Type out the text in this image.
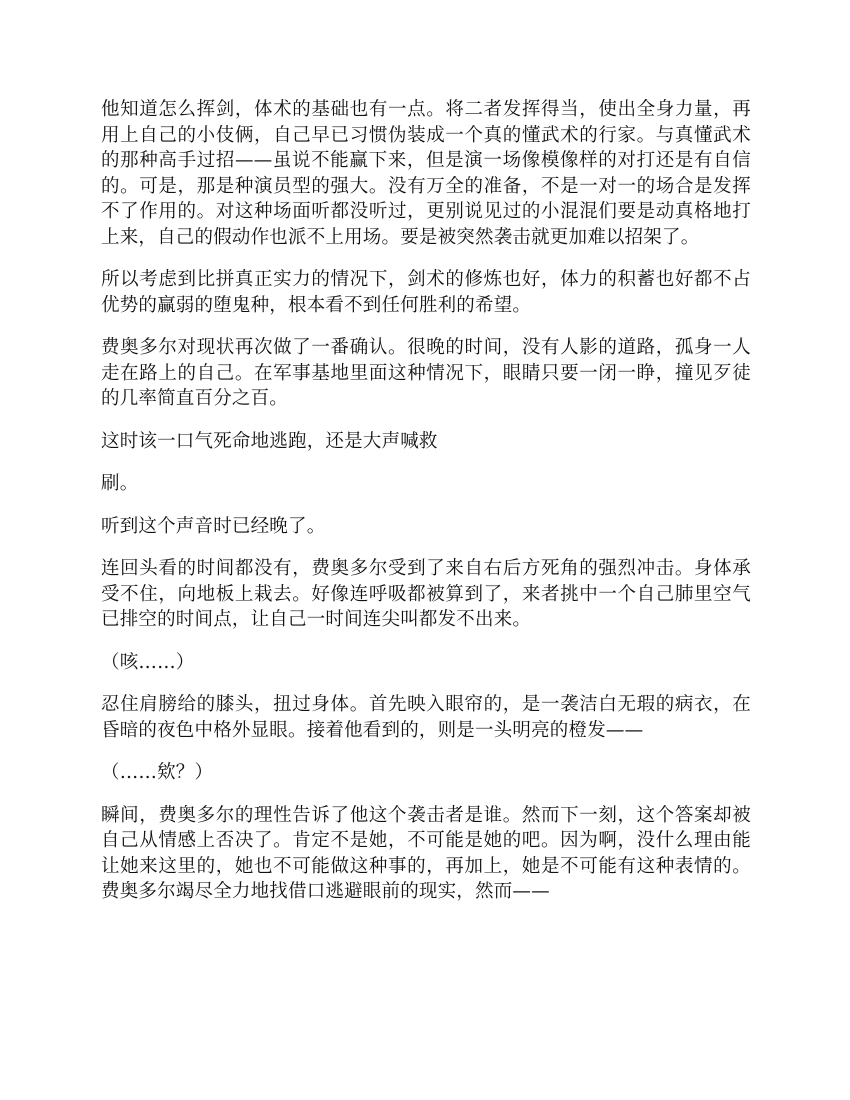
他知道怎么挥剑，体术的基础也有一点。将二者发挥得当，使出全身力量，再用上自己的小伎俩，自己早已习惯伪装成一个真的懂武术的行家。与真懂武术的那种高手过招——虽说不能赢下来，但是演一场像模像样的对打还是有自信的。可是，那是种演员型的强大。没有万全的准备，不是一对一的场合是发挥不了作用的。对这种场面听都没听过，更别说见过的小混混们要是动真格地打上来，自己的假动作也派不上用场。要是被突然袭击就更加难以招架了。

所以考虑到比拼真正实力的情况下，剑术的修炼也好，体力的积蓄也好都不占优势的赢弱的堕鬼种，根本看不到任何胜利的希望。

费奥多尔对现状再次做了一番确认。很晚的时间，没有人影的道路，孤身一人走在路上的自己。在军事基地里面这种情况下，眼睛只要一闭一睁，撞见歹徒的几率简直百分之百。

这时该一口气死命地逃跑，还是大声喊救

刷。

听到这个声音时已经晚了。

连回头看的时间都没有，费奥多尔受到了来自右后方死角的强烈冲击。身体承受不住，向地板上栽去。好像连呼吸都被算到了，来者挑中一个自己肺里空气已排空的时间点，让自己一时间连尖叫都发不出来。

（咳……）

忍住肩膀给的膝头，扭过身体。首先映入眼帘的，是一袭洁白无瑕的病衣，在昏暗的夜色中格外显眼。接着他看到的，则是一头明亮的橙发——

（……欸？）

瞬间，费奥多尔的理性告诉了他这个袭击者是谁。然而下一刻，这个答案却被自己从情感上否决了。肯定不是她，不可能是她的吧。因为啊，没什么理由能让她来这里的，她也不可能做这种事的，再加上，她是不可能有这种表情的。费奥多尔竭尽全力地找借口逃避眼前的现实，然而——
